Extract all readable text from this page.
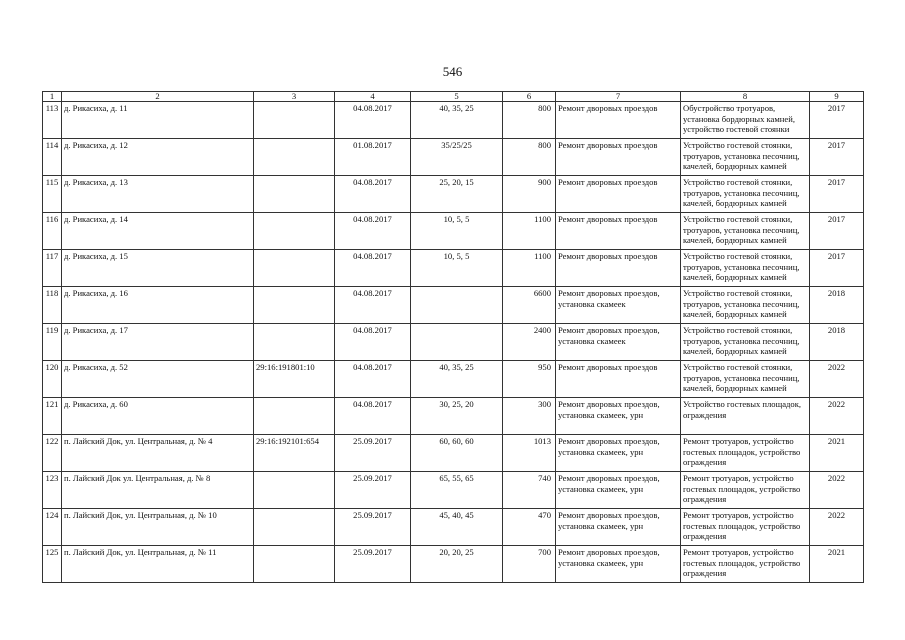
546
1	2	3	4	5	6	7	8	9
113	д. Рикасиха, д. 11		04.08.2017	40, 35, 25	800	Ремонт дворовых проездов	Обустройство тротуаров, установка бордюрных камней, устройство гостевой стоянки	2017
114	д. Рикасиха, д. 12		01.08.2017	35/25/25	800	Ремонт дворовых проездов	Устройство гостевой стоянки, тротуаров, установка песочниц, качелей, бордюрных камней	2017
115	д. Рикасиха, д. 13		04.08.2017	25, 20, 15	900	Ремонт дворовых проездов	Устройство гостевой стоянки, тротуаров, установка песочниц, качелей, бордюрных камней	2017
116	д. Рикасиха, д. 14		04.08.2017	10, 5, 5	1100	Ремонт дворовых проездов	Устройство гостевой стоянки, тротуаров, установка песочниц, качелей, бордюрных камней	2017
117	д. Рикасиха, д. 15		04.08.2017	10, 5, 5	1100	Ремонт дворовых проездов	Устройство гостевой стоянки, тротуаров, установка песочниц, качелей, бордюрных камней	2017
118	д. Рикасиха, д. 16		04.08.2017		6600	Ремонт дворовых проездов, установка скамеек	Устройство гостевой стоянки, тротуаров, установка песочниц, качелей, бордюрных камней	2018
119	д. Рикасиха, д. 17		04.08.2017		2400	Ремонт дворовых проездов, установка скамеек	Устройство гостевой стоянки, тротуаров, установка песочниц, качелей, бордюрных камней	2018
120	д. Рикасиха, д. 52	29:16:191801:10	04.08.2017	40, 35, 25	950	Ремонт дворовых проездов	Устройство гостевой стоянки, тротуаров, установка песочниц, качелей, бордюрных камней	2022
121	д. Рикасиха, д. 60		04.08.2017	30, 25, 20	300	Ремонт дворовых проездов, установка скамеек, урн	Устройство гостевых площадок, ограждения	2022
122	п. Лайский Док, ул. Центральная, д. № 4	29:16:192101:654	25.09.2017	60, 60, 60	1013	Ремонт дворовых проездов, установка скамеек, урн	Ремонт тротуаров, устройство гостевых площадок, устройство ограждения	2021
123	п. Лайский Док ул. Центральная, д. № 8		25.09.2017	65, 55, 65	740	Ремонт дворовых проездов, установка скамеек, урн	Ремонт тротуаров, устройство гостевых площадок, устройство ограждения	2022
124	п. Лайский Док, ул. Центральная, д. № 10		25.09.2017	45, 40, 45	470	Ремонт дворовых проездов, установка скамеек, урн	Ремонт тротуаров, устройство гостевых площадок, устройство ограждения	2022
125	п. Лайский Док, ул. Центральная, д. № 11		25.09.2017	20, 20, 25	700	Ремонт дворовых проездов, установка скамеек, урн	Ремонт тротуаров, устройство гостевых площадок, устройство ограждения	2021
